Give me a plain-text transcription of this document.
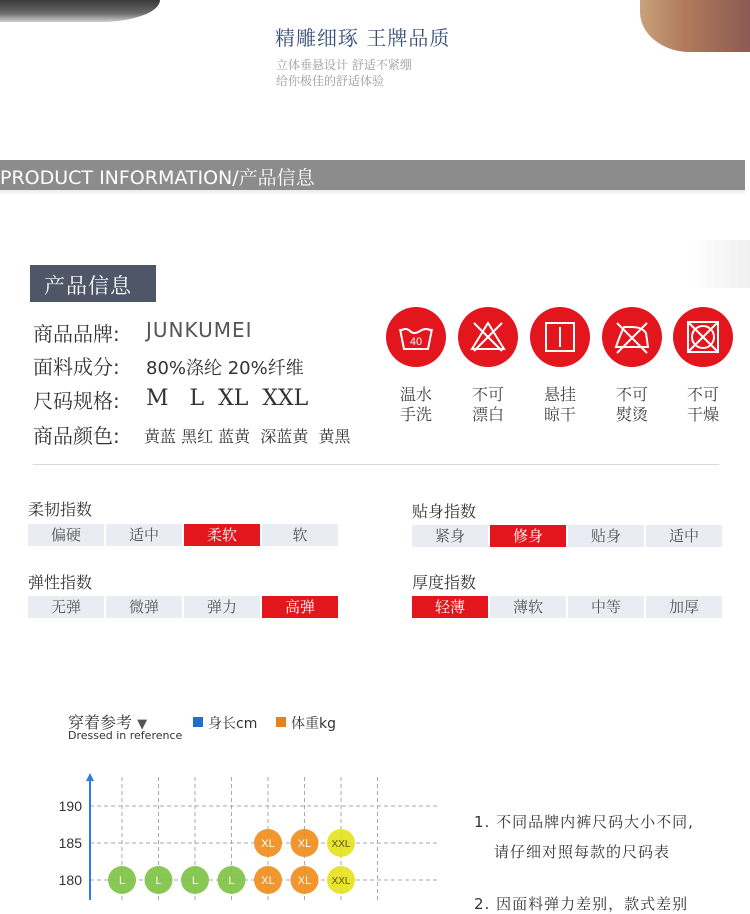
精雕细琢 王牌品质
立体垂悬设计 舒适不紧绷
给你极佳的舒适体验
PRODUCT INFORMATION/产品信息
产品信息
商品品牌: JUNKUMEI
面料成分: 80%涤纶 20%纤维
尺码规格: M   L  XL  XXL
商品颜色: 黄蓝 黑红 蓝黄  深蓝黄  黄黑
40
温水
手洗
不可
漂白
悬挂
晾干
不可
熨烫
不可
干燥
柔韧指数	贴身指数
弹性指数	厚度指数
偏硬	适中	柔软	软	紧身	修身	贴身	适中
无弹	微弹	弹力	高弹	轻薄	薄软	中等	加厚
穿着参考 ▼
Dressed in reference
身长cm 体重kg
190
185
180
XL XL XXL
L	L	L	L XL XL XXL
1. 不同品牌内裤尺码大小不同,
请仔细对照每款的尺码表
2. 因面料弹力差别，款式差别
